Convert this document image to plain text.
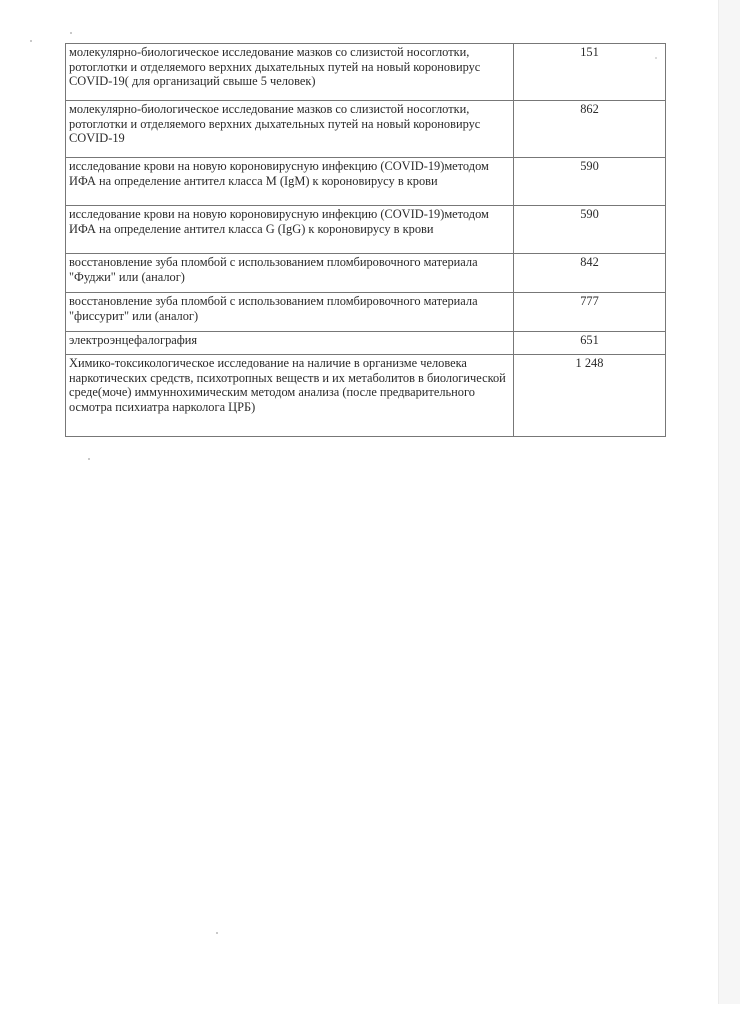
молекулярно-биологическое исследование мазков со слизистой носоглотки, ротоглотки и отделяемого верхних дыхательных путей на новый короновирус COVID-19( для организаций свыше 5 человек)	151
молекулярно-биологическое исследование мазков со слизистой носоглотки, ротоглотки и отделяемого верхних дыхательных путей на новый короновирус COVID-19	862
исследование крови на новую короновирусную инфекцию (COVID-19)методом ИФА на определение антител класса M (IgM) к короновирусу в крови	590
исследование крови на новую короновирусную инфекцию (COVID-19)методом ИФА на определение антител класса G (IgG) к короновирусу в крови	590
восстановление зуба пломбой с использованием пломбировочного материала "Фуджи" или (аналог)	842
восстановление зуба пломбой с использованием пломбировочного материала "фиссурит" или (аналог)	777
электроэнцефалография	651
Химико-токсикологическое исследование на наличие в организме человека наркотических средств, психотропных веществ и их метаболитов в биологической среде(моче) иммуннохимическим методом анализа (после предварительного осмотра психиатра нарколога ЦРБ)	1 248
